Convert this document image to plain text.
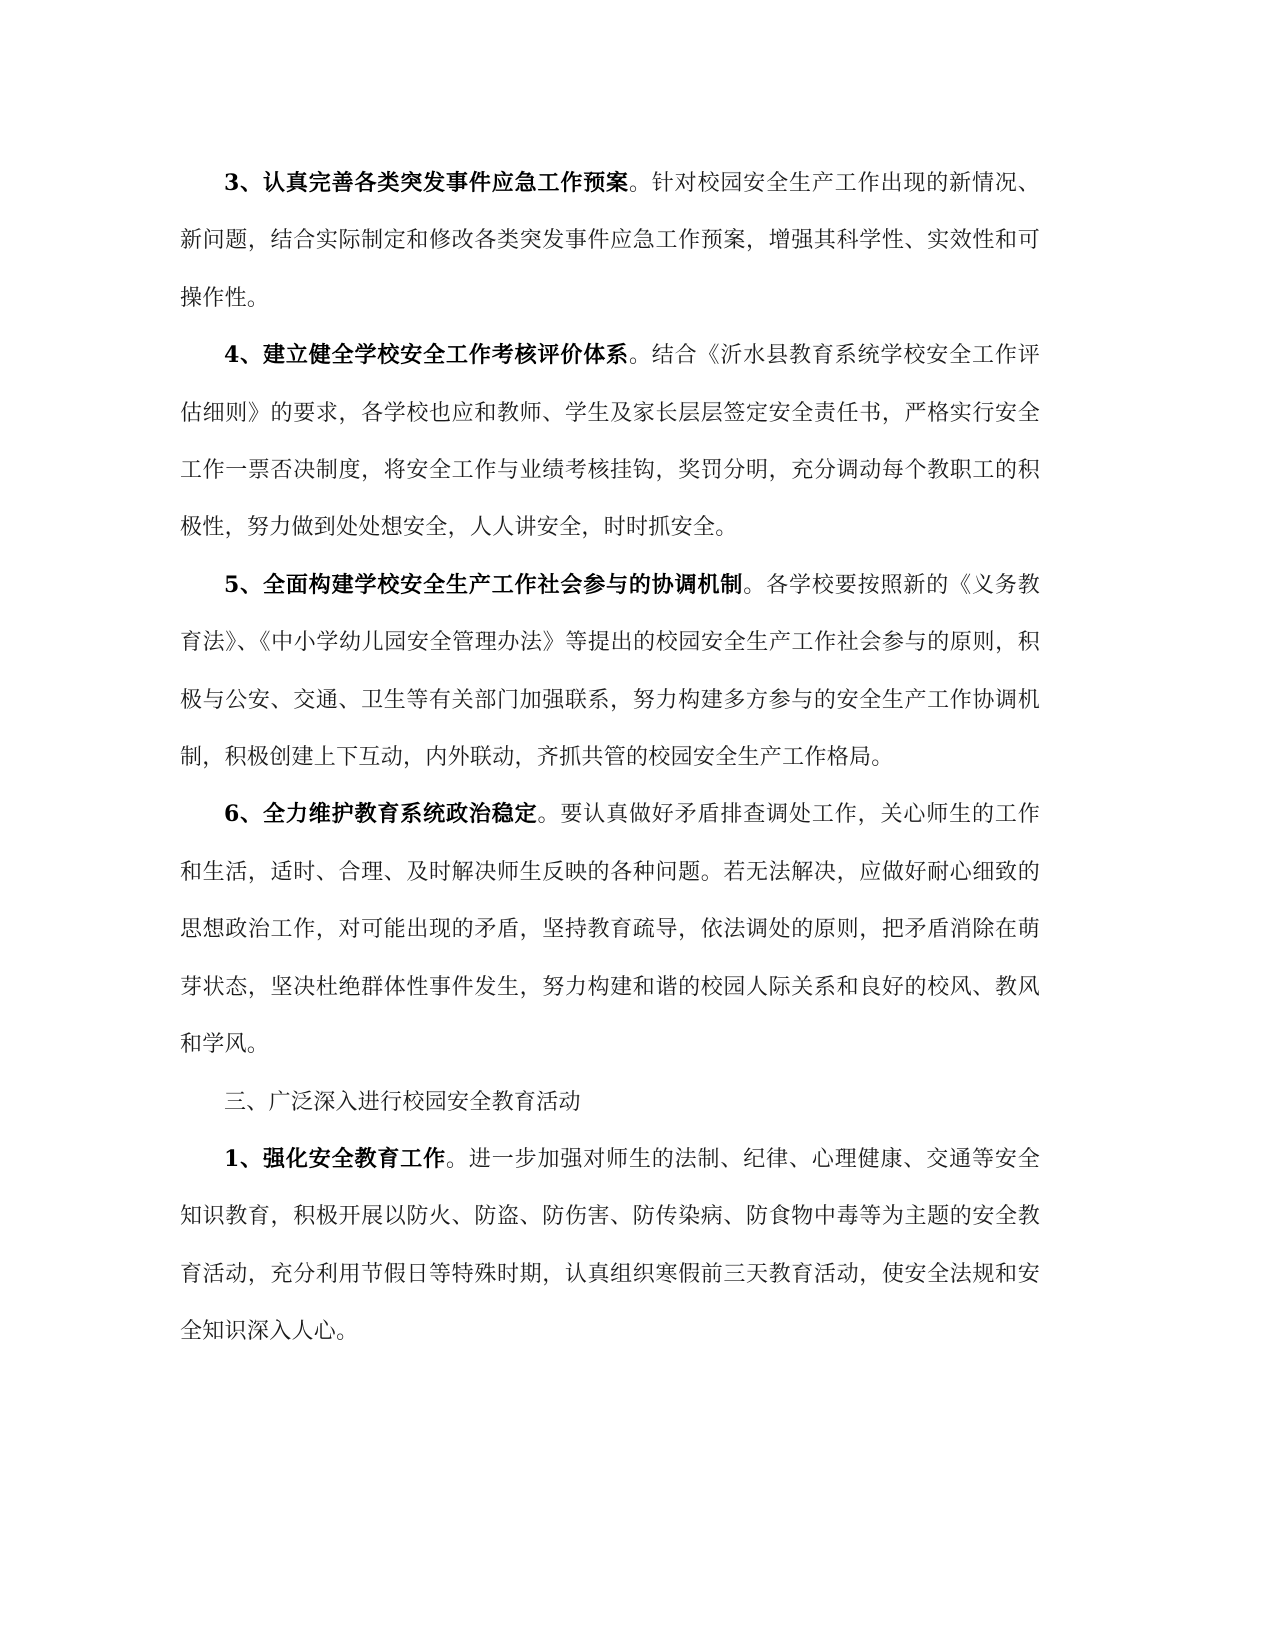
3、认真完善各类突发事件应急工作预案。针对校园安全生产工作出现的新情况、新问题，结合实际制定和修改各类突发事件应急工作预案，增强其科学性、实效性和可操作性。

4、建立健全学校安全工作考核评价体系。结合《沂水县教育系统学校安全工作评估细则》的要求，各学校也应和教师、学生及家长层层签定安全责任书，严格实行安全工作一票否决制度，将安全工作与业绩考核挂钩，奖罚分明，充分调动每个教职工的积极性，努力做到处处想安全，人人讲安全，时时抓安全。

5、全面构建学校安全生产工作社会参与的协调机制。各学校要按照新的《义务教育法》、《中小学幼儿园安全管理办法》等提出的校园安全生产工作社会参与的原则，积极与公安、交通、卫生等有关部门加强联系，努力构建多方参与的安全生产工作协调机制，积极创建上下互动，内外联动，齐抓共管的校园安全生产工作格局。

6、全力维护教育系统政治稳定。要认真做好矛盾排查调处工作，关心师生的工作和生活，适时、合理、及时解决师生反映的各种问题。若无法解决，应做好耐心细致的思想政治工作，对可能出现的矛盾，坚持教育疏导，依法调处的原则，把矛盾消除在萌芽状态，坚决杜绝群体性事件发生，努力构建和谐的校园人际关系和良好的校风、教风和学风。

三、广泛深入进行校园安全教育活动

1、强化安全教育工作。进一步加强对师生的法制、纪律、心理健康、交通等安全知识教育，积极开展以防火、防盗、防伤害、防传染病、防食物中毒等为主题的安全教育活动，充分利用节假日等特殊时期，认真组织寒假前三天教育活动，使安全法规和安全知识深入人心。
